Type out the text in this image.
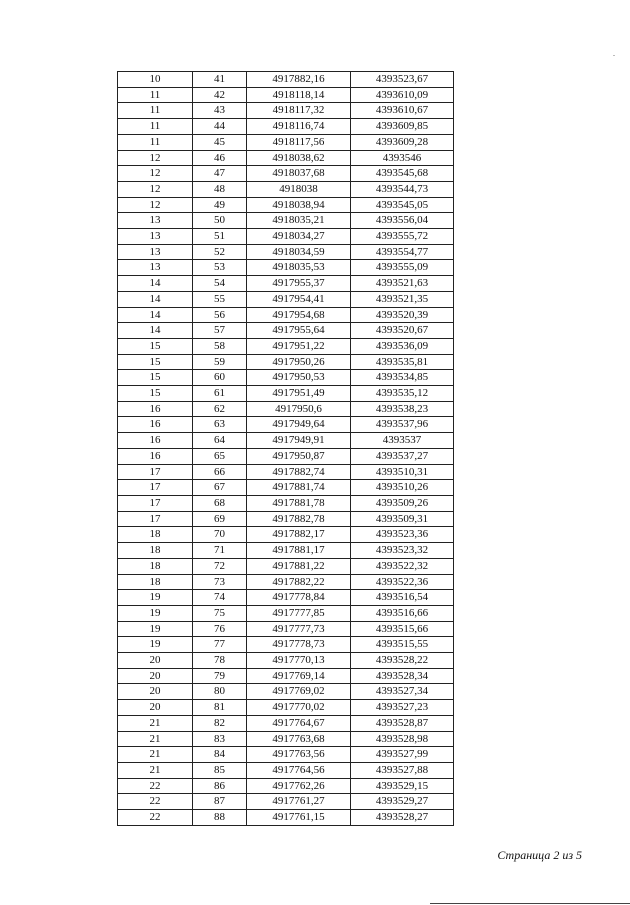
10	41	4917882,16	4393523,67
11	42	4918118,14	4393610,09
11	43	4918117,32	4393610,67
11	44	4918116,74	4393609,85
11	45	4918117,56	4393609,28
12	46	4918038,62	4393546
12	47	4918037,68	4393545,68
12	48	4918038	4393544,73
12	49	4918038,94	4393545,05
13	50	4918035,21	4393556,04
13	51	4918034,27	4393555,72
13	52	4918034,59	4393554,77
13	53	4918035,53	4393555,09
14	54	4917955,37	4393521,63
14	55	4917954,41	4393521,35
14	56	4917954,68	4393520,39
14	57	4917955,64	4393520,67
15	58	4917951,22	4393536,09
15	59	4917950,26	4393535,81
15	60	4917950,53	4393534,85
15	61	4917951,49	4393535,12
16	62	4917950,6	4393538,23
16	63	4917949,64	4393537,96
16	64	4917949,91	4393537
16	65	4917950,87	4393537,27
17	66	4917882,74	4393510,31
17	67	4917881,74	4393510,26
17	68	4917881,78	4393509,26
17	69	4917882,78	4393509,31
18	70	4917882,17	4393523,36
18	71	4917881,17	4393523,32
18	72	4917881,22	4393522,32
18	73	4917882,22	4393522,36
19	74	4917778,84	4393516,54
19	75	4917777,85	4393516,66
19	76	4917777,73	4393515,66
19	77	4917778,73	4393515,55
20	78	4917770,13	4393528,22
20	79	4917769,14	4393528,34
20	80	4917769,02	4393527,34
20	81	4917770,02	4393527,23
21	82	4917764,67	4393528,87
21	83	4917763,68	4393528,98
21	84	4917763,56	4393527,99
21	85	4917764,56	4393527,88
22	86	4917762,26	4393529,15
22	87	4917761,27	4393529,27
22	88	4917761,15	4393528,27
Страница 2 из 5
